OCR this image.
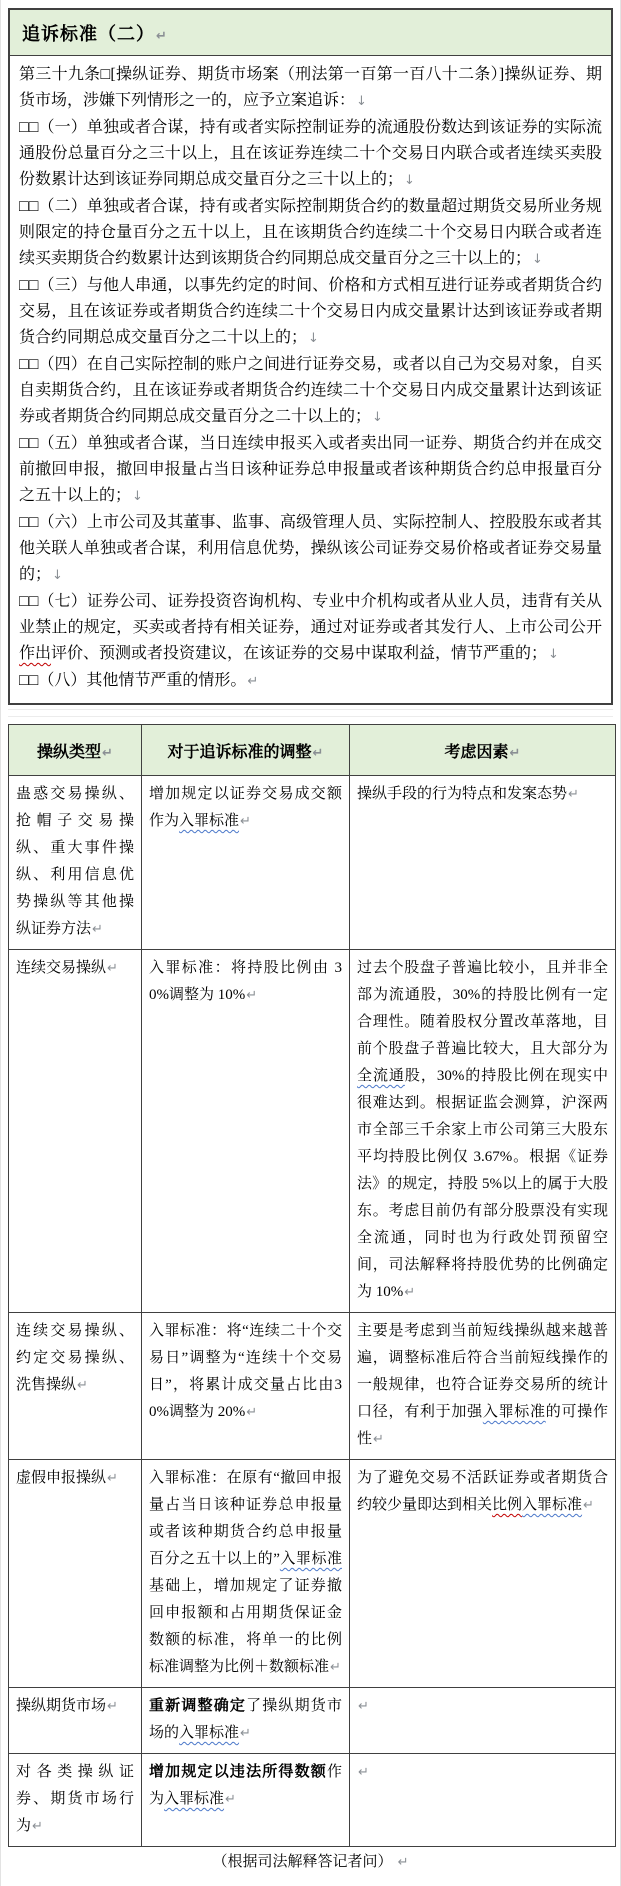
追诉标准（二）↵
第三十九条□[操纵证券、期货市场案（刑法第一百第一百八十二条）]操纵证券、期货市场，涉嫌下列情形之一的，应予立案追诉：↓
□□（一）单独或者合谋，持有或者实际控制证券的流通股份数达到该证券的实际流通股份总量百分之三十以上，且在该证券连续二十个交易日内联合或者连续买卖股份数累计达到该证券同期总成交量百分之三十以上的；↓
□□（二）单独或者合谋，持有或者实际控制期货合约的数量超过期货交易所业务规则限定的持仓量百分之五十以上，且在该期货合约连续二十个交易日内联合或者连续买卖期货合约数累计达到该期货合约同期总成交量百分之三十以上的；↓
□□（三）与他人串通，以事先约定的时间、价格和方式相互进行证券或者期货合约交易，且在该证券或者期货合约连续二十个交易日内成交量累计达到该证券或者期货合约同期总成交量百分之二十以上的；↓
□□（四）在自己实际控制的账户之间进行证券交易，或者以自己为交易对象，自买自卖期货合约，且在该证券或者期货合约连续二十个交易日内成交量累计达到该证券或者期货合约同期总成交量百分之二十以上的；↓
□□（五）单独或者合谋，当日连续申报买入或者卖出同一证券、期货合约并在成交前撤回申报，撤回申报量占当日该种证券总申报量或者该种期货合约总申报量百分之五十以上的；↓
□□（六）上市公司及其董事、监事、高级管理人员、实际控制人、控股股东或者其他关联人单独或者合谋，利用信息优势，操纵该公司证券交易价格或者证券交易量的；↓
□□（七）证券公司、证券投资咨询机构、专业中介机构或者从业人员，违背有关从业禁止的规定，买卖或者持有相关证券，通过对证券或者其发行人、上市公司公开作出评价、预测或者投资建议，在该证券的交易中谋取利益，情节严重的；↓
□□（八）其他情节严重的情形。↵
操纵类型↵	对于追诉标准的调整↵	考虑因素↵
蛊惑交易操纵、抢帽子交易操纵、重大事件操纵、利用信息优势操纵等其他操纵证券方法↵	增加规定以证券交易成交额作为入罪标准↵	操纵手段的行为特点和发案态势↵
连续交易操纵↵	入罪标准：将持股比例由 30%调整为 10%↵	过去个股盘子普遍比较小，且并非全部为流通股，30%的持股比例有一定合理性。随着股权分置改革落地，目前个股盘子普遍比较大，且大部分为全流通股，30%的持股比例在现实中很难达到。根据证监会测算，沪深两市全部三千余家上市公司第三大股东平均持股比例仅 3.67%。根据《证券法》的规定，持股 5%以上的属于大股东。考虑目前仍有部分股票没有实现全流通，同时也为行政处罚预留空间，司法解释将持股优势的比例确定为 10%↵
连续交易操纵、约定交易操纵、洗售操纵↵	入罪标准：将“连续二十个交易日”调整为“连续十个交易日”，将累计成交量占比由30%调整为 20%↵	主要是考虑到当前短线操纵越来越普遍，调整标准后符合当前短线操作的一般规律，也符合证券交易所的统计口径，有利于加强入罪标准的可操作性↵
虚假申报操纵↵	入罪标准：在原有“撤回申报量占当日该种证券总申报量或者该种期货合约总申报量百分之五十以上的”入罪标准基础上，增加规定了证券撤回申报额和占用期货保证金数额的标准，将单一的比例标准调整为比例＋数额标准↵	为了避免交易不活跃证券或者期货合约较少量即达到相关比例入罪标准↵
操纵期货市场↵	重新调整确定了操纵期货市场的入罪标准↵	↵
对各类操纵证券、期货市场行为↵	增加规定以违法所得数额作为入罪标准↵	↵
（根据司法解释答记者问） ↵
